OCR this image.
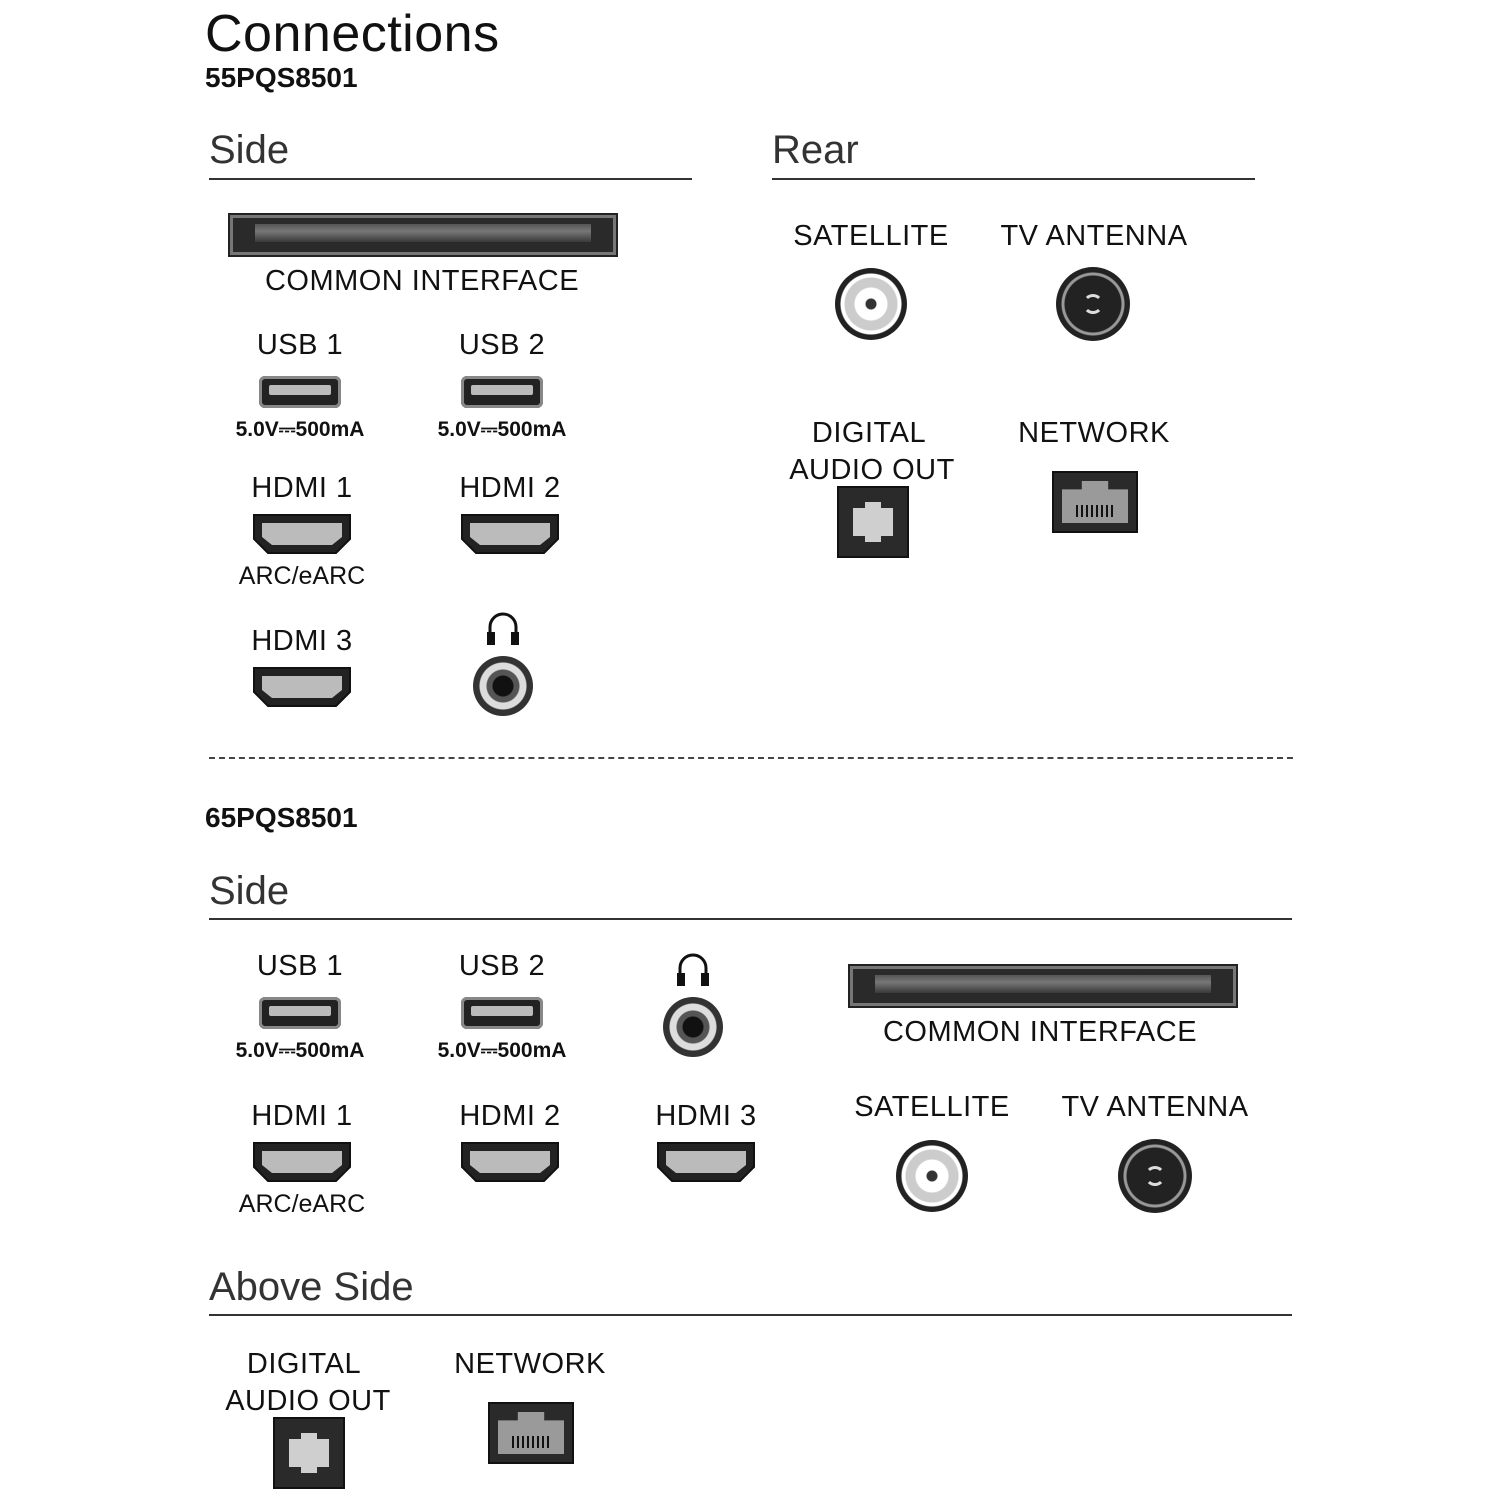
Connections
55PQS8501
Side	Rear
COMMON INTERFACE
USB 1
5.0V⎓500mA
USB 2
5.0V⎓500mA
HDMI 1
ARC/eARC
HDMI 2
HDMI 3
SATELLITE	TV ANTENNA
DIGITAL
AUDIO OUT
NETWORK
65PQS8501
Side
USB 1
5.0V⎓500mA
USB 2
5.0V⎓500mA
COMMON INTERFACE
HDMI 1
ARC/eARC
HDMI 2	HDMI 3	SATELLITE	TV ANTENNA
Above Side
DIGITAL
AUDIO OUT
NETWORK
